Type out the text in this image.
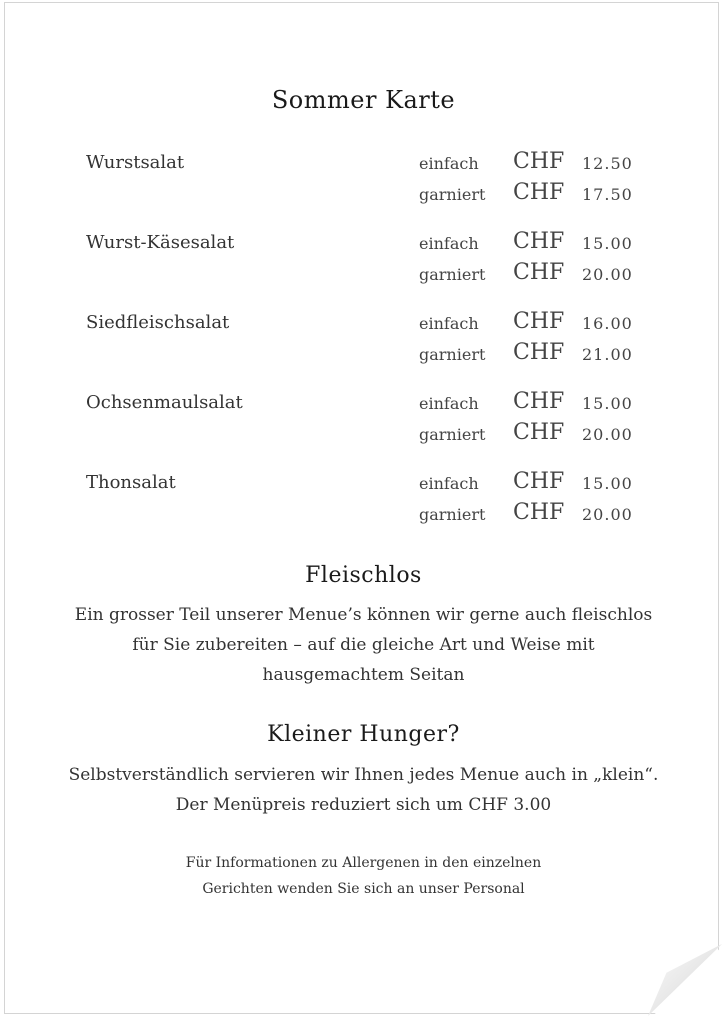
Sommer Karte
Wurstsalat	einfach CHF 12.50
garniert CHF 17.50
Wurst-Käsesalat	einfach CHF 15.00
garniert CHF 20.00
Siedfleischsalat	einfach CHF 16.00
garniert CHF 21.00
Ochsenmaulsalat	einfach CHF 15.00
garniert CHF 20.00
Thonsalat	einfach CHF 15.00
garniert CHF 20.00
Fleischlos
Ein grosser Teil unserer Menue’s können wir gerne auch fleischlos
für Sie zubereiten – auf die gleiche Art und Weise mit
hausgemachtem Seitan
Kleiner Hunger?
Selbstverständlich servieren wir Ihnen jedes Menue auch in „klein“.
Der Menüpreis reduziert sich um CHF 3.00
Für Informationen zu Allergenen in den einzelnen
Gerichten wenden Sie sich an unser Personal
